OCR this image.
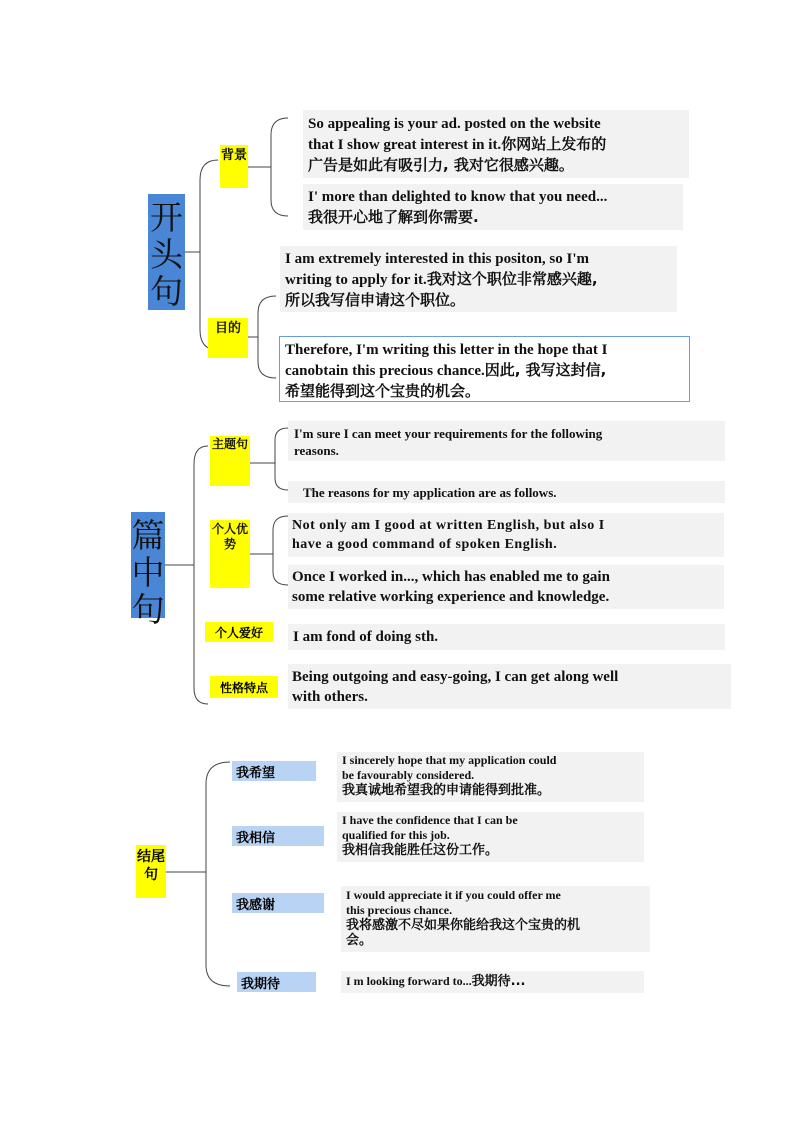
开头句
背景
目的
So appealing is your ad. posted on the website
that I show great interest in it.你网站上发布的
广告是如此有吸引力, 我对它很感兴趣。
I' more than delighted to know that you need...
我很开心地了解到你需要.
I am extremely interested in this positon, so I'm
writing to apply for it.我对这个职位非常感兴趣,
所以我写信申请这个职位。
Therefore, I'm writing this letter in the hope that I
canobtain this precious chance.因此, 我写这封信,
希望能得到这个宝贵的机会。
篇中句
主题句
个人优势
个人爱好
性格特点
I'm sure I can meet your requirements for the following
reasons.
The reasons for my application are as follows.
Not only am I good at written English, but also I
have a good command of spoken English.
Once I worked in..., which has enabled me to gain
some relative working experience and knowledge.
I am fond of doing sth.
Being outgoing and easy-going, I can get along well
with others.
结尾句
我希望
我相信
我感谢
我期待
I sincerely hope that my application could
be favourably considered.
我真诚地希望我的申请能得到批准。
I have the confidence that I can be
qualified for this job.
我相信我能胜任这份工作。
I would appreciate it if you could offer me
this precious chance.
我将感激不尽如果你能给我这个宝贵的机
会。
I m looking forward to...我期待...
